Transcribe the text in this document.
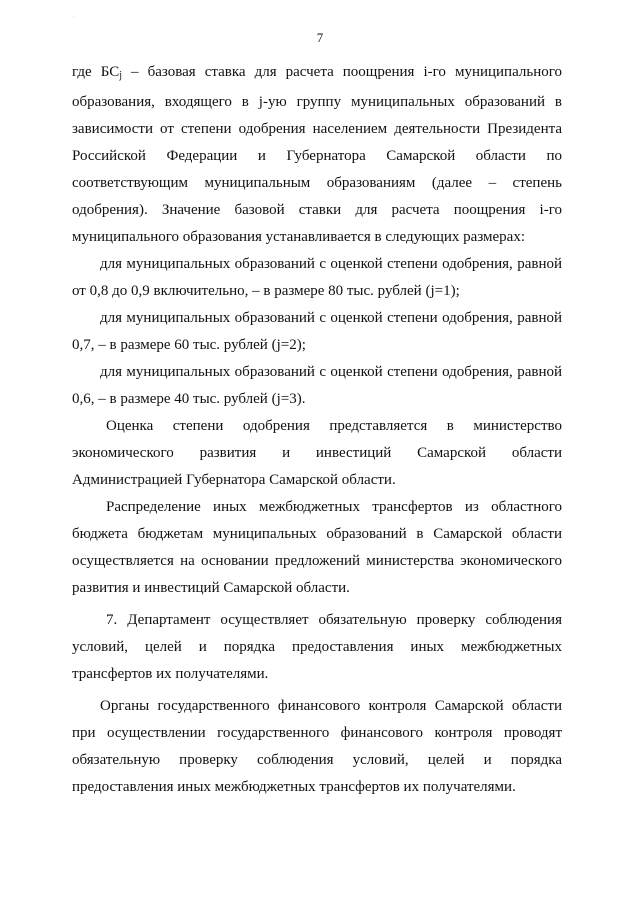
·
7

где $БС_j$ – базовая ставка для расчета поощрения i-го муниципального образования, входящего в j-ую группу муниципальных образований в зависимости от степени одобрения населением деятельности Президента Российской Федерации и Губернатора Самарской области по соответствующим муниципальным образованиям (далее – степень одобрения). Значение базовой ставки для расчета поощрения i-го муниципального образования устанавливается в следующих размерах:

для муниципальных образований с оценкой степени одобрения, равной от 0,8 до 0,9 включительно, – в размере 80 тыс. рублей (j=1);

для муниципальных образований с оценкой степени одобрения, равной 0,7, – в размере 60 тыс. рублей (j=2);

для муниципальных образований с оценкой степени одобрения, равной 0,6, – в размере 40 тыс. рублей (j=3).

Оценка степени одобрения представляется в министерство экономического развития и инвестиций Самарской области Администрацией Губернатора Самарской области.

Распределение иных межбюджетных трансфертов из областного бюджета бюджетам муниципальных образований в Самарской области осуществляется на основании предложений министерства экономического развития и инвестиций Самарской области.

7. Департамент осуществляет обязательную проверку соблюдения условий, целей и порядка предоставления иных межбюджетных трансфертов их получателями.

Органы государственного финансового контроля Самарской области при осуществлении государственного финансового контроля проводят обязательную проверку соблюдения условий, целей и порядка предоставления иных межбюджетных трансфертов их получателями.
